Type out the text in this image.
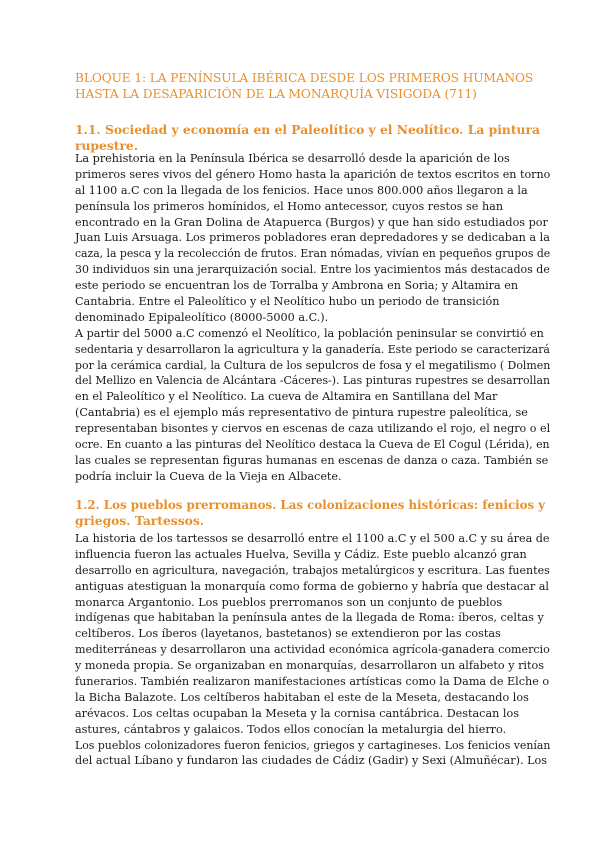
BLOQUE 1: LA PENÍNSULA IBÉRICA DESDE LOS PRIMEROS HUMANOS
HASTA LA DESAPARICIÓN DE LA MONARQUÍA VISIGODA (711)
1.1. Sociedad y economía en el Paleolítico y el Neolítico. La pintura
rupestre.
La prehistoria en la Península Ibérica se desarrolló desde la aparición de los
primeros seres vivos del género Homo hasta la aparición de textos escritos en torno
al 1100 a.C con la llegada de los fenicios. Hace unos 800.000 años llegaron a la
península los primeros homínidos, el Homo antecessor, cuyos restos se han
encontrado en la Gran Dolina de Atapuerca (Burgos) y que han sido estudiados por
Juan Luis Arsuaga. Los primeros pobladores eran depredadores y se dedicaban a la
caza, la pesca y la recolección de frutos. Eran nómadas, vivían en pequeños grupos de
30 individuos sin una jerarquización social. Entre los yacimientos más destacados de
este periodo se encuentran los de Torralba y Ambrona en Soria; y Altamira en
Cantabria. Entre el Paleolítico y el Neolítico hubo un periodo de transición
denominado Epipaleolítico (8000-5000 a.C.).
A partir del 5000 a.C comenzó el Neolítico, la población peninsular se convirtió en
sedentaria y desarrollaron la agricultura y la ganadería. Este periodo se caracterizará
por la cerámica cardial, la Cultura de los sepulcros de fosa y el megatilismo ( Dolmen
del Mellizo en Valencia de Alcántara -Cáceres-). Las pinturas rupestres se desarrollan
en el Paleolítico y el Neolítico. La cueva de Altamira en Santillana del Mar
(Cantabria) es el ejemplo más representativo de pintura rupestre paleolítica, se
representaban bisontes y ciervos en escenas de caza utilizando el rojo, el negro o el
ocre. En cuanto a las pinturas del Neolítico destaca la Cueva de El Cogul (Lérida), en
las cuales se representan figuras humanas en escenas de danza o caza. También se
podría incluir la Cueva de la Vieja en Albacete.
1.2. Los pueblos prerromanos. Las colonizaciones históricas: fenicios y
griegos. Tartessos.
La historia de los tartessos se desarrolló entre el 1100 a.C y el 500 a.C y su área de
influencia fueron las actuales Huelva, Sevilla y Cádiz. Este pueblo alcanzó gran
desarrollo en agricultura, navegación, trabajos metalúrgicos y escritura. Las fuentes
antiguas atestiguan la monarquía como forma de gobierno y habría que destacar al
monarca Argantonio. Los pueblos prerromanos son un conjunto de pueblos
indígenas que habitaban la península antes de la llegada de Roma: íberos, celtas y
celtíberos. Los íberos (layetanos, bastetanos) se extendieron por las costas
mediterráneas y desarrollaron una actividad económica agrícola-ganadera comercio
y moneda propia. Se organizaban en monarquías, desarrollaron un alfabeto y ritos
funerarios. También realizaron manifestaciones artísticas como la Dama de Elche o
la Bicha Balazote. Los celtíberos habitaban el este de la Meseta, destacando los
arévacos. Los celtas ocupaban la Meseta y la cornisa cantábrica. Destacan los
astures, cántabros y galaicos. Todos ellos conocían la metalurgia del hierro.
Los pueblos colonizadores fueron fenicios, griegos y cartagineses. Los fenicios venían
del actual Líbano y fundaron las ciudades de Cádiz (Gadir) y Sexi (Almuñécar). Los
